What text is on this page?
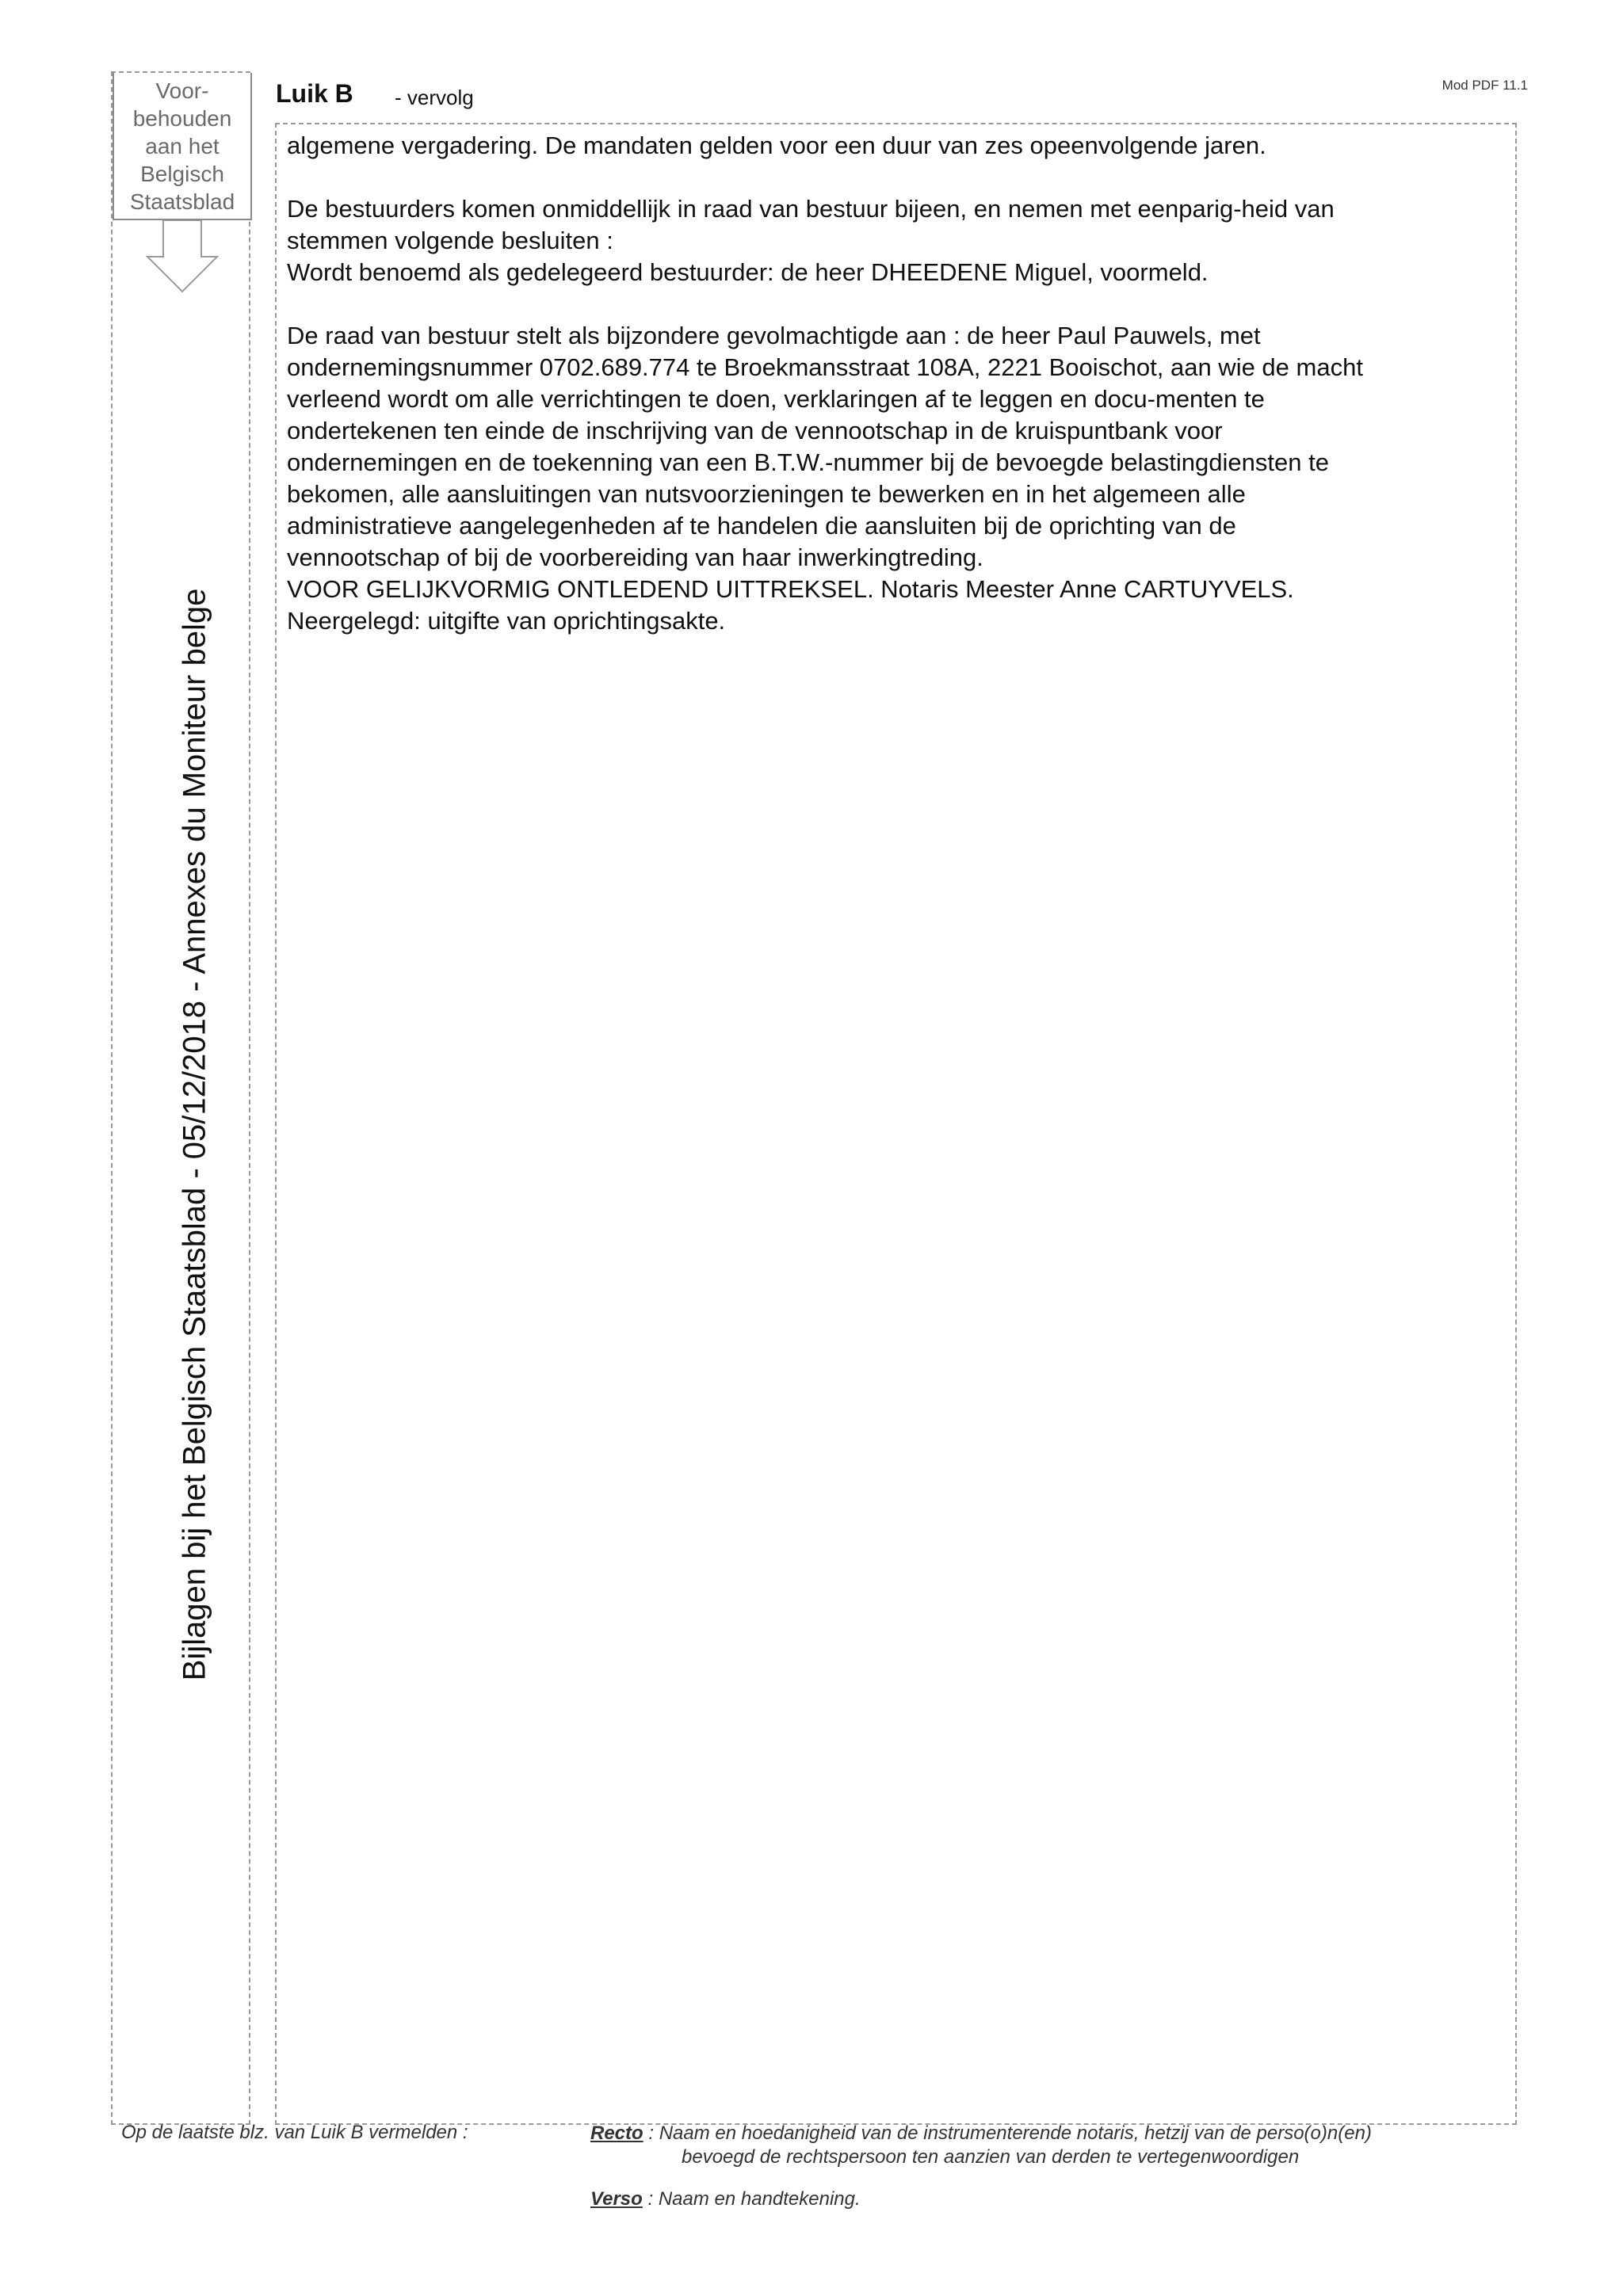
Voor-
behouden
aan het
Belgisch
Staatsblad
Bijlagen bij het Belgisch Staatsblad - 05/12/2018 - Annexes du Moniteur belge
Luik B - vervolg
Mod PDF 11.1

algemene vergadering. De mandaten gelden voor een duur van zes opeenvolgende jaren.

De bestuurders komen onmiddellijk in raad van bestuur bijeen, en nemen met eenparig-heid van
stemmen volgende besluiten :
Wordt benoemd als gedelegeerd bestuurder: de heer DHEEDENE Miguel, voormeld.

De raad van bestuur stelt als bijzondere gevolmachtigde aan : de heer Paul Pauwels, met
ondernemingsnummer 0702.689.774 te Broekmansstraat 108A, 2221 Booischot, aan wie de macht
verleend wordt om alle verrichtingen te doen, verklaringen af te leggen en docu-menten te
ondertekenen ten einde de inschrijving van de vennootschap in de kruispuntbank voor
ondernemingen en de toekenning van een B.T.W.-nummer bij de bevoegde belastingdiensten te
bekomen, alle aansluitingen van nutsvoorzieningen te bewerken en in het algemeen alle
administratieve aangelegenheden af te handelen die aansluiten bij de oprichting van de
vennootschap of bij de voorbereiding van haar inwerkingtreding.
VOOR GELIJKVORMIG ONTLEDEND UITTREKSEL. Notaris Meester Anne CARTUYVELS.
Neergelegd: uitgifte van oprichtingsakte.

Op de laatste blz. van Luik B vermelden :	Recto : Naam en hoedanigheid van de instrumenterende notaris, hetzij van de perso(o)n(en)
bevoegd de rechtspersoon ten aanzien van derden te vertegenwoordigen
Verso : Naam en handtekening.
